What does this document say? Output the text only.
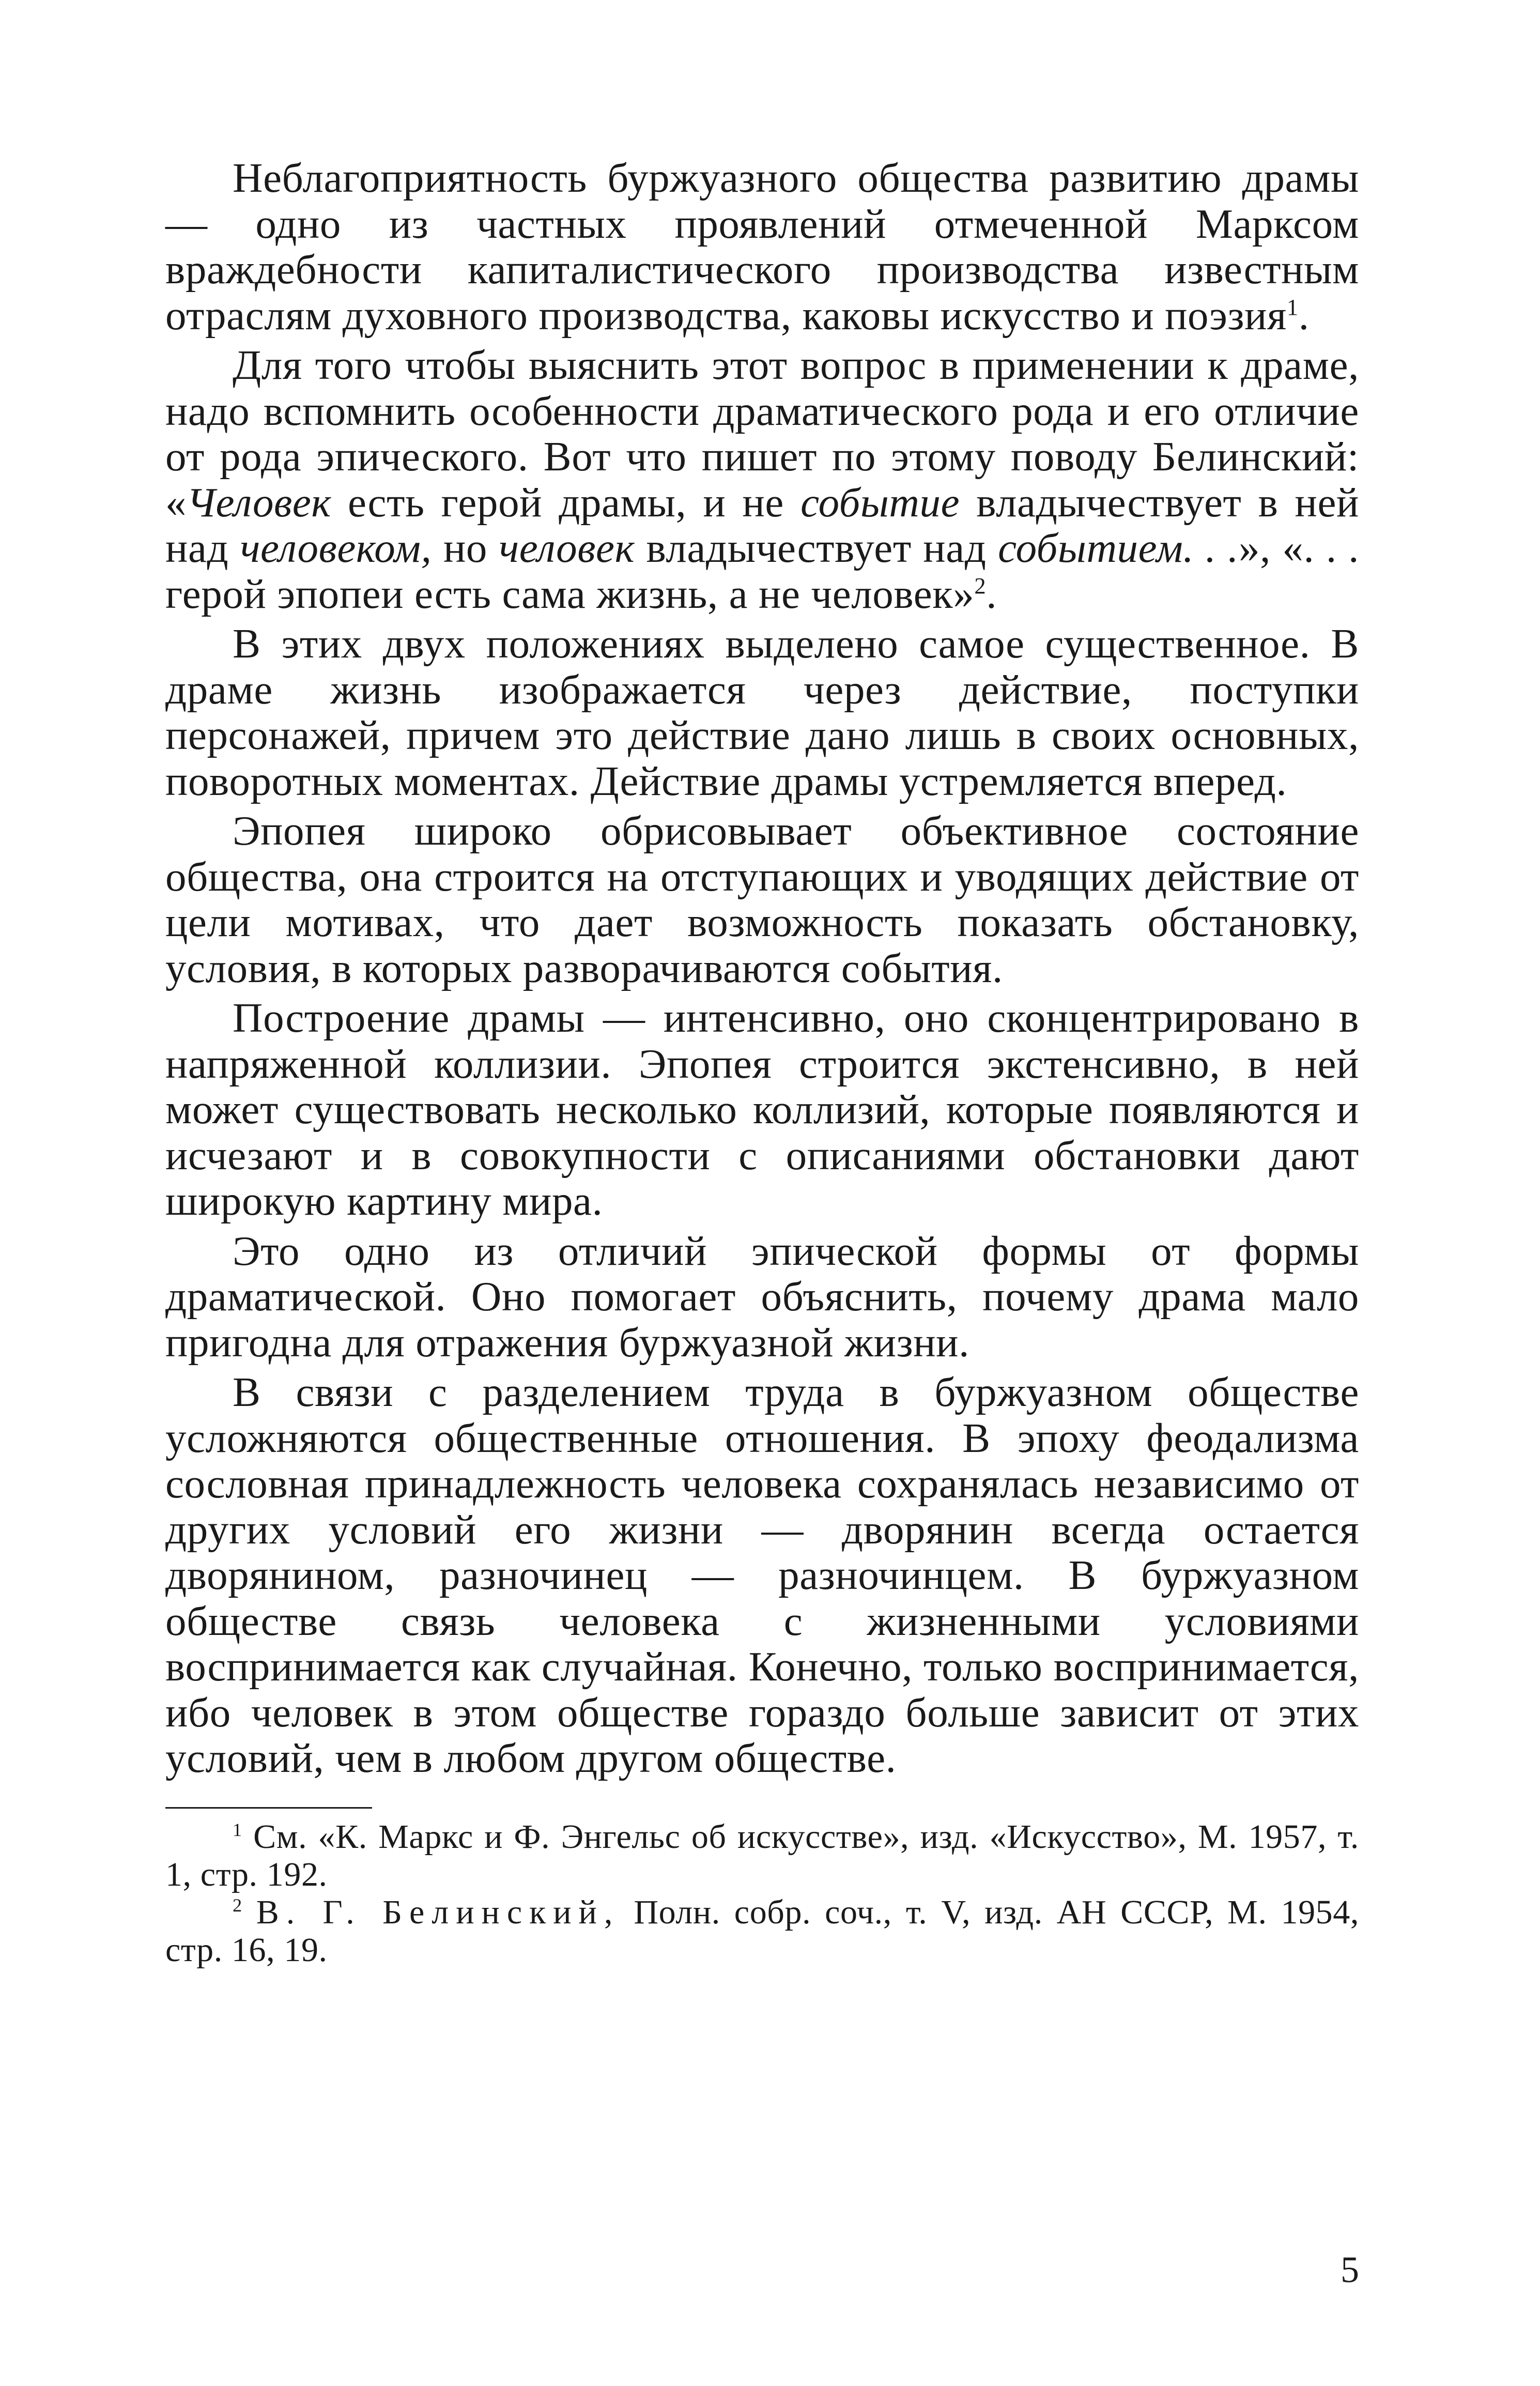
Неблагоприятность буржуазного общества развитию драмы — одно из частных проявлений отмеченной Марксом враждебности капиталистического производства известным отраслям духовного производства, каковы искусство и поэзия$^1$.

Для того чтобы выяснить этот вопрос в применении к драме, надо вспомнить особенности драматического рода и его отличие от рода эпического. Вот что пишет по этому поводу Белинский: «Человек есть герой драмы, и не событие владычествует в ней над человеком, но человек владычествует над событием. . .», «. . . герой эпопеи есть сама жизнь, а не человек»$^2$.

В этих двух положениях выделено самое существенное. В драме жизнь изображается через действие, поступки персонажей, причем это действие дано лишь в своих основных, поворотных моментах. Действие драмы устремляется вперед.

Эпопея широко обрисовывает объективное состояние общества, она строится на отступающих и уводящих действие от цели мотивах, что дает возможность показать обстановку, условия, в которых разворачиваются события.

Построение драмы — интенсивно, оно сконцентрировано в напряженной коллизии. Эпопея строится экстенсивно, в ней может существовать несколько коллизий, которые появляются и исчезают и в совокупности с описаниями обстановки дают широкую картину мира.

Это одно из отличий эпической формы от формы драматической. Оно помогает объяснить, почему драма мало пригодна для отражения буржуазной жизни.

В связи с разделением труда в буржуазном обществе усложняются общественные отношения. В эпоху феодализма сословная принадлежность человека сохранялась независимо от других условий его жизни — дворянин всегда остается дворянином, разночинец — разночинцем. В буржуазном обществе связь человека с жизненными условиями воспринимается как случайная. Конечно, только воспринимается, ибо человек в этом обществе гораздо больше зависит от этих условий, чем в любом другом обществе.

$^1$ См. «К. Маркс и Ф. Энгельс об искусстве», изд. «Искусство», М. 1957, т. 1, стр. 192.

$^2$ В. Г. Белинский, Полн. собр. соч., т. V, изд. АН СССР, М. 1954, стр. 16, 19.

5
